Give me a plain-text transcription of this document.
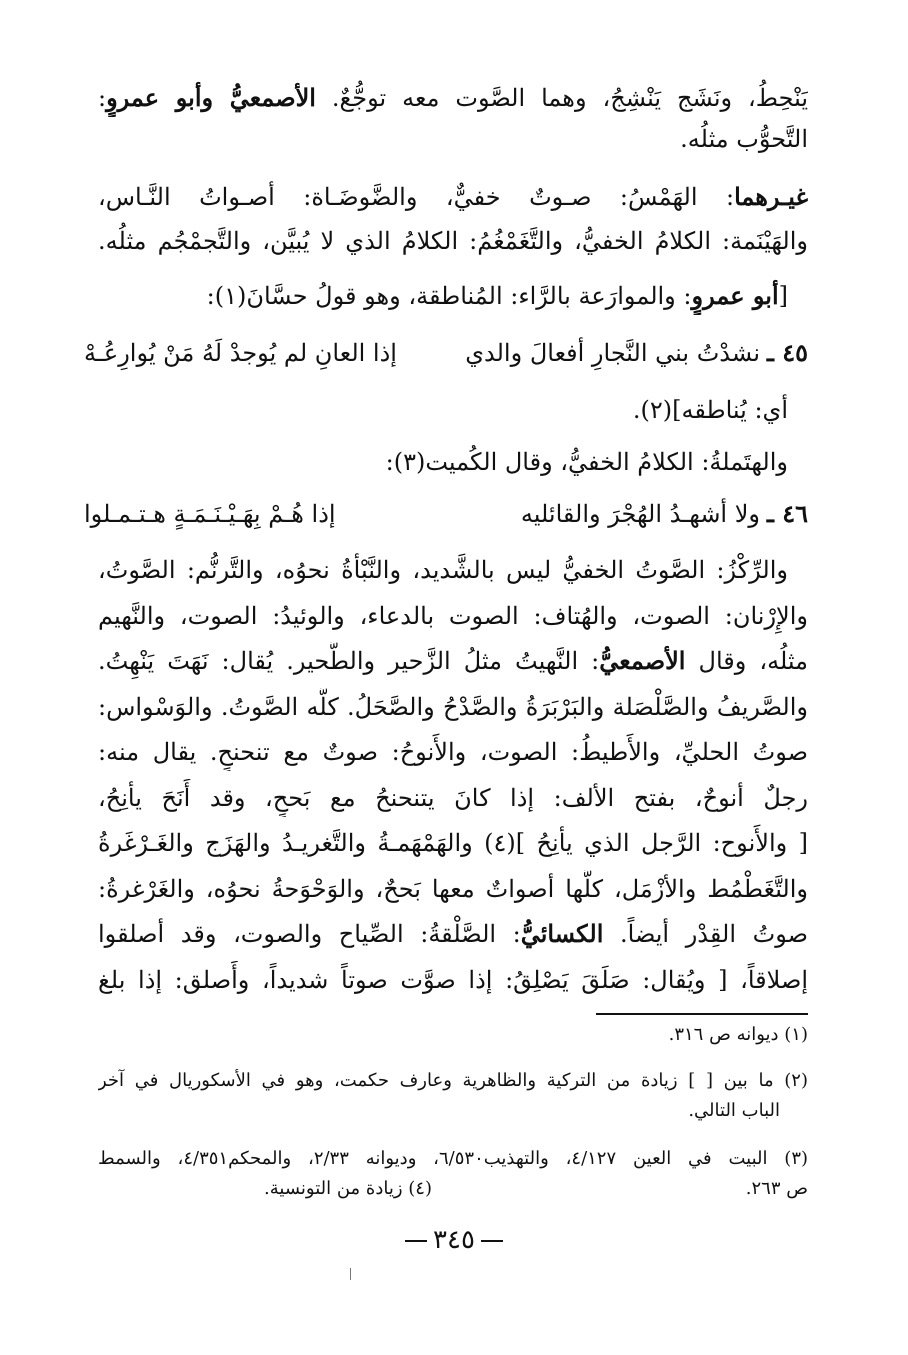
يَنْحِطُ، ونَشَج يَنْشِجُ، وهما الصَّوت معه توجُّعٌ. الأصمعيُّ وأبو عمروٍ:
التَّحوُّب مثلُه.
غيـرهما: الهَمْسُ: صـوتٌ خفيٌّ، والضَّوضَـاة: أصـواتُ النَّـاس،
والهَيْنَمة: الكلامُ الخفيُّ، والتَّغَمْغُمُ: الكلامُ الذي لا يُبيَّن، والتَّجمْجُم مثلُه.
[أبو عمروٍ: والموارَعة بالرَّاء: المُناطقة، وهو قولُ حسَّانَ(١):
٤٥ ـ
نشدْتُ بني النَّجارِ أفعالَ والدي
إذا العانِ لم يُوجدْ لَهُ مَنْ يُوارِعُـهْ
أي: يُناطقه](٢).
والهتَملةُ: الكلامُ الخفيُّ، وقال الكُميت(٣):
٤٦ ـ
ولا أشهـدُ الهُجْرَ والقائليه
إذا هُـمْ بِهَـيْـنَـمَـةٍ هـتـمـلوا
والرِّكْزُ: الصَّوتُ الخفيُّ ليس بالشَّديد، والنَّبْأةُ نحوُه، والتَّرنُّم: الصَّوتُ،
والإِرْنان: الصوت، والهُتاف: الصوت بالدعاء، والوئيدُ: الصوت، والنَّهيم
مثلُه، وقال الأصمعيُّ: النَّهيتُ مثلُ الزَّحير والطَّحير. يُقال: نَهَتَ يَنْهِتُ.
والصَّريفُ والصَّلْصَلة والبَرْبَرَةُ والصَّدْحُ والصَّحَلُ. كلُّه الصَّوتُ. والوَسْواس:
صوتُ الحليِّ، والأَطيطُ: الصوت، والأَنوحُ: صوتٌ مع تنحنحٍ. يقال منه:
رجلٌ أنوحٌ، بفتح الألف: إذا كانَ يتنحنحُ مع بَححٍ، وقد أَنَحَ يأنِحُ،
[ والأَنوح: الرَّجل الذي يأنِحُ ](٤) والهَمْهَمـةُ والتَّغريـدُ والهَزَج والغَـرْغَرةُ
والتَّغَطْمُط والأزْمَل، كلُّها أصواتٌ معها بَححٌ، والوَحْوَحةُ نحوُه، والغَرْغرةُ:
صوتُ القِدْر أيضاً. الكسائيُّ: الصَّلْقةُ: الصِّياح والصوت، وقد أصلقوا
إصلاقاً، [ ويُقال: صَلَقَ يَصْلِقُ: إذا صوَّت صوتاً شديداً، وأَصلق: إذا بلغ
(١) ديوانه ص ٣١٦.
(٢) ما بين [ ] زيادة من التركية والظاهرية وعارف حكمت، وهو في الأسكوريال في آخر
الباب التالي.
(٣) البيت في العين ٤/١٢٧، والتهذيب٦/٥٣٠، وديوانه ٢/٣٣، والمحكم٤/٣٥١، والسمط
ص ٢٦٣.
(٤) زيادة من التونسية.
٣٤٥
